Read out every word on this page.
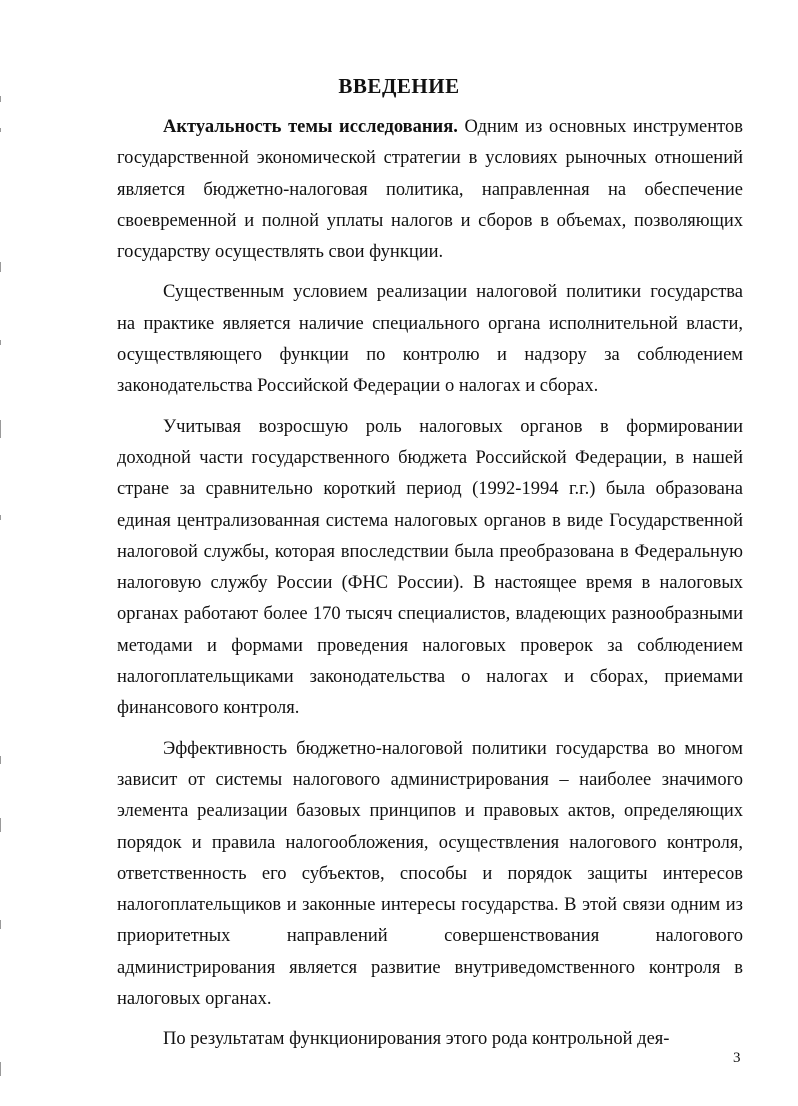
ВВЕДЕНИЕ

Актуальность темы исследования. Одним из основных инструментов государственной экономической стратегии в условиях рыночных отношений является бюджетно-налоговая политика, направленная на обеспечение своевременной и полной уплаты налогов и сборов в объемах, позволяющих государству осуществлять свои функции.

Существенным условием реализации налоговой политики государства на практике является наличие специального органа исполнительной власти, осуществляющего функции по контролю и надзору за соблюдением законодательства Российской Федерации о налогах и сборах.

Учитывая возросшую роль налоговых органов в формировании доходной части государственного бюджета Российской Федерации, в нашей стране за сравнительно короткий период (1992-1994 г.г.) была образована единая централизованная система налоговых органов в виде Государственной налоговой службы, которая впоследствии была преобразована в Федеральную налоговую службу России (ФНС России). В настоящее время в налоговых органах работают более 170 тысяч специалистов, владеющих разнообразными методами и формами проведения налоговых проверок за соблюдением налогоплательщиками законодательства о налогах и сборах, приемами финансового контроля.

Эффективность бюджетно-налоговой политики государства во многом зависит от системы налогового администрирования – наиболее значимого элемента реализации базовых принципов и правовых актов, определяющих порядок и правила налогообложения, осуществления налогового контроля, ответственность его субъектов, способы и порядок защиты интересов налогоплательщиков и законные интересы государства. В этой связи одним из приоритетных направлений совершенствования налогового администрирования является развитие внутриведомственного контроля в налоговых органах.

По результатам функционирования этого рода контрольной дея-

3
